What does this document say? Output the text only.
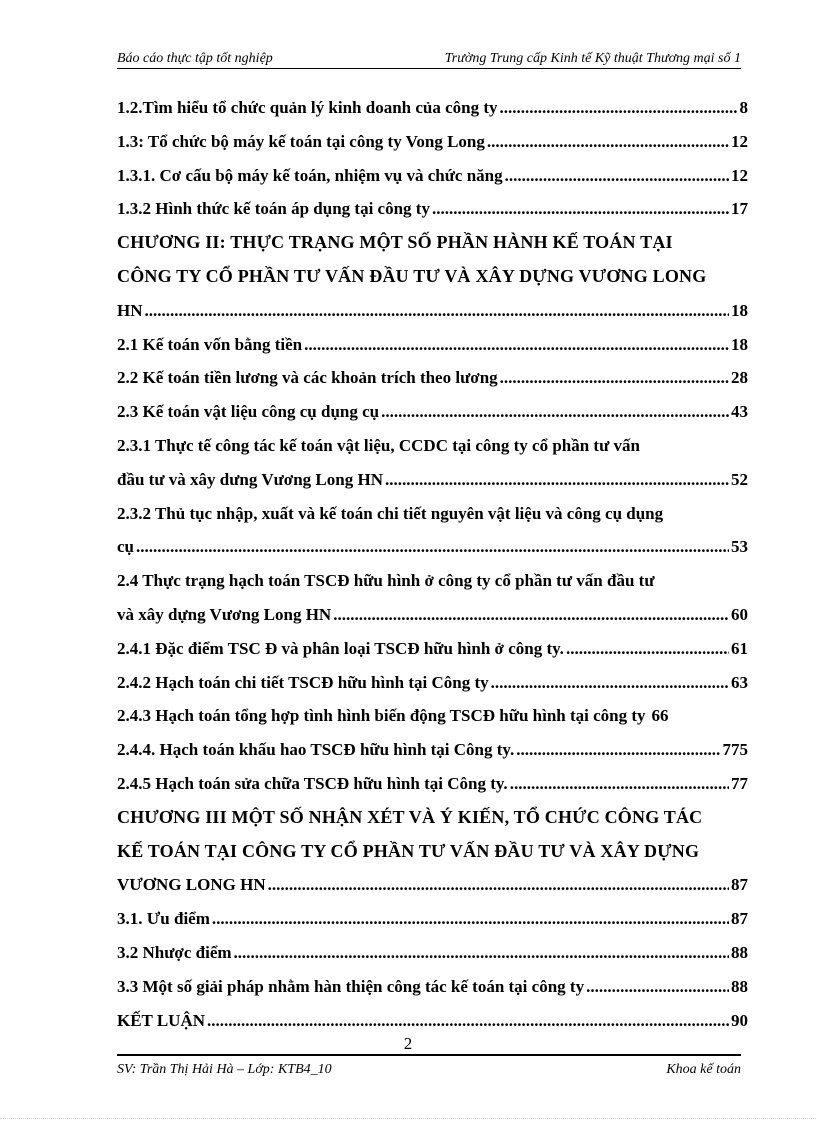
Báo cáo thực tập tốt nghiệp	Trường Trung cấp Kinh tế Kỹ thuật Thương mại số 1
1.2.Tìm hiểu tổ chức quản lý kinh doanh của công ty .....	8
1.3: Tổ chức bộ máy kế toán tại công ty Vong Long .....	12
1.3.1. Cơ cấu bộ máy kế toán, nhiệm vụ và chức năng .....	12
1.3.2 Hình thức kế toán áp dụng tại công ty .....	17
CHƯƠNG II: THỰC TRẠNG MỘT SỐ PHẦN HÀNH KẾ TOÁN TẠI
CÔNG TY CỔ PHẦN TƯ VẤN ĐẦU TƯ VÀ XÂY DỰNG VƯƠNG LONG
HN .....	18
2.1 Kế toán vốn bằng tiền .....	18
2.2 Kế toán tiền lương và các khoản trích theo lương .....	28
2.3 Kế toán vật liệu công cụ dụng cụ .....	43
2.3.1 Thực tế công tác kế toán vật liệu, CCDC tại công ty cổ phần tư vấn
đầu tư và xây dưng Vương Long HN .....	52
2.3.2 Thủ tục nhập, xuất và kế toán chi tiết nguyên vật liệu và công cụ dụng
cụ .....	53
2.4 Thực trạng hạch toán TSCĐ hữu hình ở công ty cổ phần tư vấn đầu tư
và xây dựng Vương Long HN .....	60
2.4.1 Đặc điểm TSC Đ và phân loại TSCĐ hữu hình ở công ty. .....	61
2.4.2 Hạch toán chi tiết TSCĐ hữu hình tại Công ty .....	63
2.4.3 Hạch toán tổng hợp tình hình biến động TSCĐ hữu hình tại công ty 66
2.4.4. Hạch toán khấu hao TSCĐ hữu hình tại Công ty. .....	775
2.4.5 Hạch toán sửa chữa TSCĐ hữu hình tại Công ty. .....	77
CHƯƠNG III MỘT SỐ NHẬN XÉT VÀ Ý KIẾN, TỔ CHỨC CÔNG TÁC
KẾ TOÁN TẠI CÔNG TY CỔ PHẦN TƯ VẤN ĐẦU TƯ VÀ XÂY DỰNG
VƯƠNG LONG HN .....	87
3.1. Ưu điểm .....	87
3.2 Nhược điểm .....	88
3.3 Một số giải pháp nhằm hàn thiện công tác kế toán tại công ty .....	88
KẾT LUẬN .....	90
2
SV: Trần Thị Hải Hà – Lớp: KTB4_10	Khoa kế toán
